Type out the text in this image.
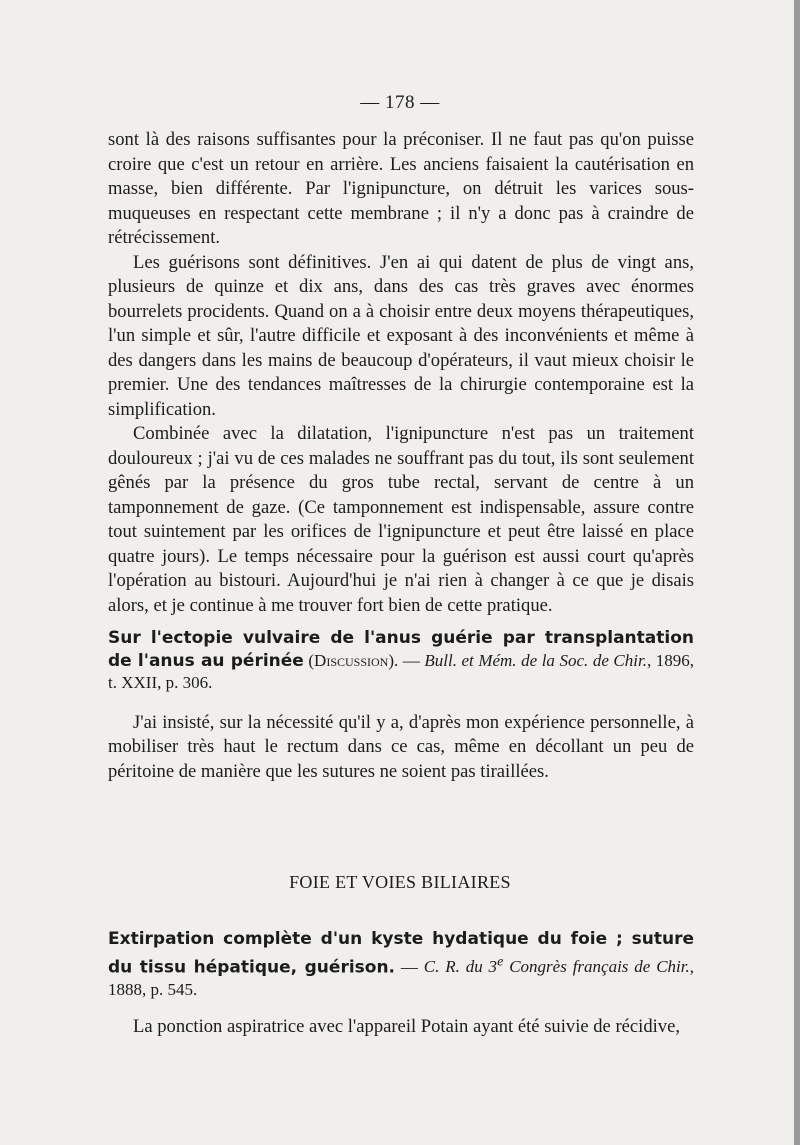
— 178 —

sont là des raisons suffisantes pour la préconiser. Il ne faut pas qu'on puisse croire que c'est un retour en arrière. Les anciens faisaient la cautérisation en masse, bien différente. Par l'ignipuncture, on détruit les varices sous-muqueuses en respectant cette membrane ; il n'y a donc pas à craindre de rétrécissement.

Les guérisons sont définitives. J'en ai qui datent de plus de vingt ans, plusieurs de quinze et dix ans, dans des cas très graves avec énormes bourrelets procidents. Quand on a à choisir entre deux moyens thérapeutiques, l'un simple et sûr, l'autre difficile et exposant à des inconvénients et même à des dangers dans les mains de beaucoup d'opérateurs, il vaut mieux choisir le premier. Une des tendances maîtresses de la chirurgie contemporaine est la simplification.

Combinée avec la dilatation, l'ignipuncture n'est pas un traitement douloureux ; j'ai vu de ces malades ne souffrant pas du tout, ils sont seulement gênés par la présence du gros tube rectal, servant de centre à un tamponnement de gaze. (Ce tamponnement est indispensable, assure contre tout suintement par les orifices de l'ignipuncture et peut être laissé en place quatre jours). Le temps nécessaire pour la guérison est aussi court qu'après l'opération au bistouri. Aujourd'hui je n'ai rien à changer à ce que je disais alors, et je continue à me trouver fort bien de cette pratique.

Sur l'ectopie vulvaire de l'anus guérie par transplantation de l'anus au périnée (Discussion). — Bull. et Mém. de la Soc. de Chir., 1896, t. XXII, p. 306.

J'ai insisté, sur la nécessité qu'il y a, d'après mon expérience personnelle, à mobiliser très haut le rectum dans ce cas, même en décollant un peu de péritoine de manière que les sutures ne soient pas tiraillées.

FOIE ET VOIES BILIAIRES

Extirpation complète d'un kyste hydatique du foie ; suture du tissu hépatique, guérison. — C. R. du 3e Congrès français de Chir., 1888, p. 545.

La ponction aspiratrice avec l'appareil Potain ayant été suivie de récidive,
